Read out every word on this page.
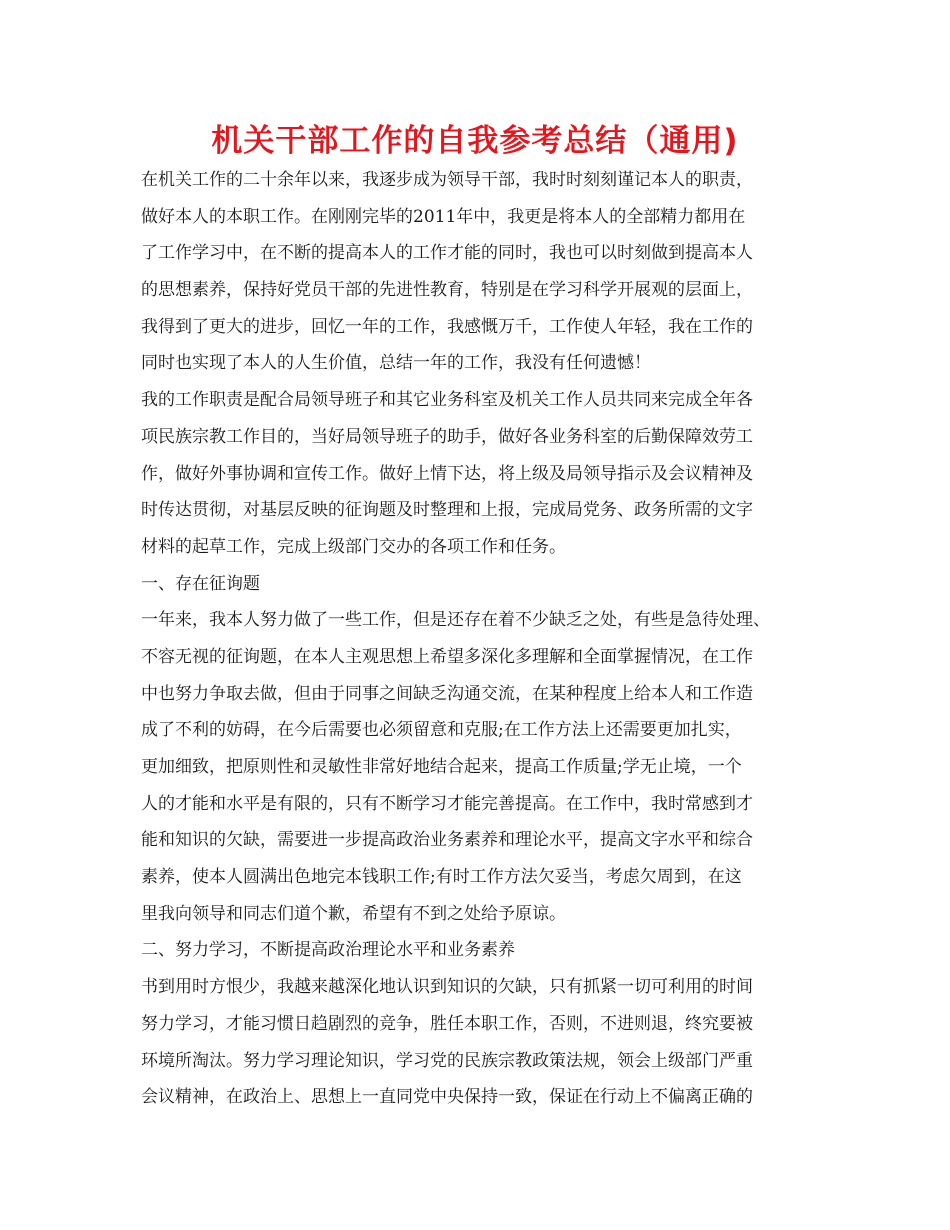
机关干部工作的自我参考总结（通用)
在机关工作的二十余年以来，我逐步成为领导干部，我时时刻刻谨记本人的职责，
做好本人的本职工作。在刚刚完毕的2011年中，我更是将本人的全部精力都用在
了工作学习中，在不断的提高本人的工作才能的同时，我也可以时刻做到提高本人
的思想素养，保持好党员干部的先进性教育，特别是在学习科学开展观的层面上，
我得到了更大的进步，回忆一年的工作，我感慨万千，工作使人年轻，我在工作的
同时也实现了本人的人生价值，总结一年的工作，我没有任何遗憾！
我的工作职责是配合局领导班子和其它业务科室及机关工作人员共同来完成全年各
项民族宗教工作目的，当好局领导班子的助手，做好各业务科室的后勤保障效劳工
作，做好外事协调和宣传工作。做好上情下达，将上级及局领导指示及会议精神及
时传达贯彻，对基层反映的征询题及时整理和上报，完成局党务、政务所需的文字
材料的起草工作，完成上级部门交办的各项工作和任务。
一、存在征询题
一年来，我本人努力做了一些工作，但是还存在着不少缺乏之处，有些是急待处理、
不容无视的征询题，在本人主观思想上希望多深化多理解和全面掌握情况，在工作
中也努力争取去做，但由于同事之间缺乏沟通交流，在某种程度上给本人和工作造
成了不利的妨碍，在今后需要也必须留意和克服;在工作方法上还需要更加扎实，
更加细致，把原则性和灵敏性非常好地结合起来，提高工作质量;学无止境，一个
人的才能和水平是有限的，只有不断学习才能完善提高。在工作中，我时常感到才
能和知识的欠缺，需要进一步提高政治业务素养和理论水平，提高文字水平和综合
素养，使本人圆满出色地完本钱职工作;有时工作方法欠妥当，考虑欠周到，在这
里我向领导和同志们道个歉，希望有不到之处给予原谅。
二、努力学习，不断提高政治理论水平和业务素养
书到用时方恨少，我越来越深化地认识到知识的欠缺，只有抓紧一切可利用的时间
努力学习，才能习惯日趋剧烈的竞争，胜任本职工作，否则，不进则退，终究要被
环境所淘汰。努力学习理论知识，学习党的民族宗教政策法规，领会上级部门严重
会议精神，在政治上、思想上一直同党中央保持一致，保证在行动上不偏离正确的
